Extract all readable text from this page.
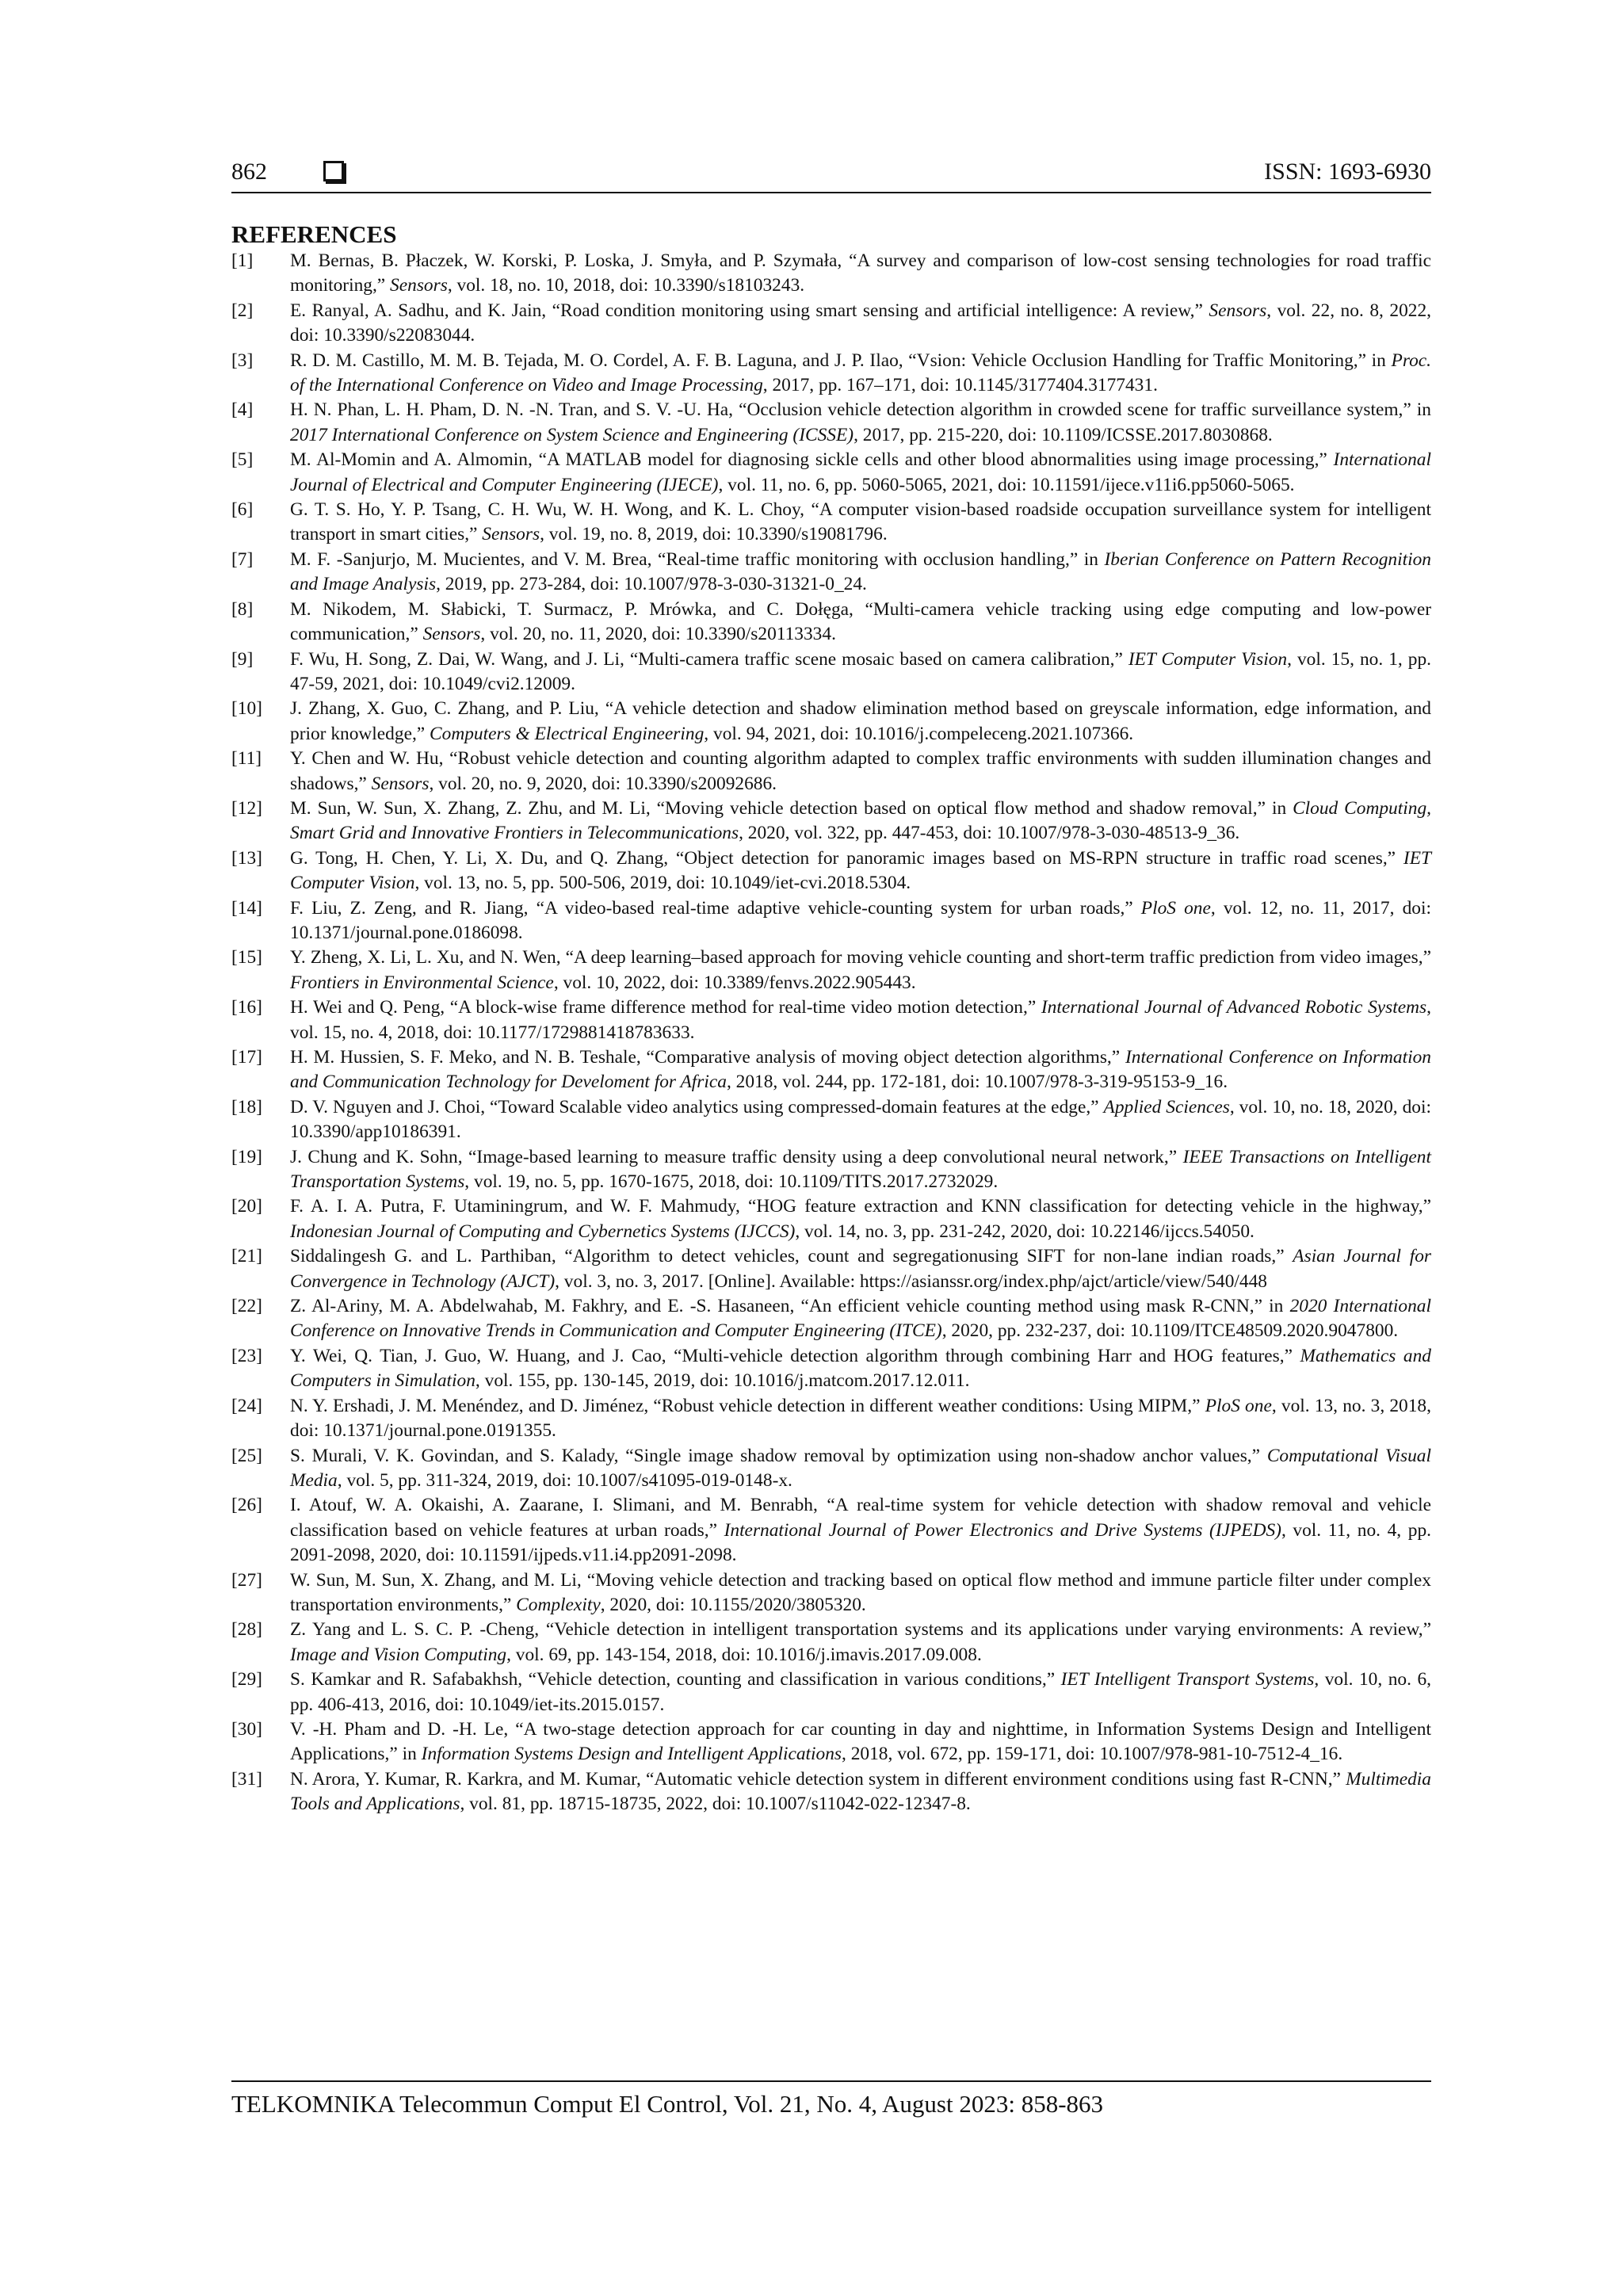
862	ISSN: 1693-6930
REFERENCES
[1] M. Bernas, B. Płaczek, W. Korski, P. Loska, J. Smyła, and P. Szymała, “A survey and comparison of low-cost sensing technologies for road traffic monitoring,” Sensors, vol. 18, no. 10, 2018, doi: 10.3390/s18103243.
[2] E. Ranyal, A. Sadhu, and K. Jain, “Road condition monitoring using smart sensing and artificial intelligence: A review,” Sensors, vol. 22, no. 8, 2022, doi: 10.3390/s22083044.
[3] R. D. M. Castillo, M. M. B. Tejada, M. O. Cordel, A. F. B. Laguna, and J. P. Ilao, “Vsion: Vehicle Occlusion Handling for Traffic Monitoring,” in Proc. of the International Conference on Video and Image Processing, 2017, pp. 167–171, doi: 10.1145/3177404.3177431.
[4] H. N. Phan, L. H. Pham, D. N. -N. Tran, and S. V. -U. Ha, “Occlusion vehicle detection algorithm in crowded scene for traffic surveillance system,” in 2017 International Conference on System Science and Engineering (ICSSE), 2017, pp. 215-220, doi: 10.1109/ICSSE.2017.8030868.
[5] M. Al-Momin and A. Almomin, “A MATLAB model for diagnosing sickle cells and other blood abnormalities using image processing,” International Journal of Electrical and Computer Engineering (IJECE), vol. 11, no. 6, pp. 5060-5065, 2021, doi: 10.11591/ijece.v11i6.pp5060-5065.
[6] G. T. S. Ho, Y. P. Tsang, C. H. Wu, W. H. Wong, and K. L. Choy, “A computer vision-based roadside occupation surveillance system for intelligent transport in smart cities,” Sensors, vol. 19, no. 8, 2019, doi: 10.3390/s19081796.
[7] M. F. -Sanjurjo, M. Mucientes, and V. M. Brea, “Real-time traffic monitoring with occlusion handling,” in Iberian Conference on Pattern Recognition and Image Analysis, 2019, pp. 273-284, doi: 10.1007/978-3-030-31321-0_24.
[8] M. Nikodem, M. Słabicki, T. Surmacz, P. Mrówka, and C. Dołęga, “Multi-camera vehicle tracking using edge computing and low-power communication,” Sensors, vol. 20, no. 11, 2020, doi: 10.3390/s20113334.
[9] F. Wu, H. Song, Z. Dai, W. Wang, and J. Li, “Multi-camera traffic scene mosaic based on camera calibration,” IET Computer Vision, vol. 15, no. 1, pp. 47-59, 2021, doi: 10.1049/cvi2.12009.
[10] J. Zhang, X. Guo, C. Zhang, and P. Liu, “A vehicle detection and shadow elimination method based on greyscale information, edge information, and prior knowledge,” Computers & Electrical Engineering, vol. 94, 2021, doi: 10.1016/j.compeleceng.2021.107366.
[11] Y. Chen and W. Hu, “Robust vehicle detection and counting algorithm adapted to complex traffic environments with sudden illumination changes and shadows,” Sensors, vol. 20, no. 9, 2020, doi: 10.3390/s20092686.
[12] M. Sun, W. Sun, X. Zhang, Z. Zhu, and M. Li, “Moving vehicle detection based on optical flow method and shadow removal,” in Cloud Computing, Smart Grid and Innovative Frontiers in Telecommunications, 2020, vol. 322, pp. 447-453, doi: 10.1007/978-3-030-48513-9_36.
[13] G. Tong, H. Chen, Y. Li, X. Du, and Q. Zhang, “Object detection for panoramic images based on MS-RPN structure in traffic road scenes,” IET Computer Vision, vol. 13, no. 5, pp. 500-506, 2019, doi: 10.1049/iet-cvi.2018.5304.
[14] F. Liu, Z. Zeng, and R. Jiang, “A video-based real-time adaptive vehicle-counting system for urban roads,” PloS one, vol. 12, no. 11, 2017, doi: 10.1371/journal.pone.0186098.
[15] Y. Zheng, X. Li, L. Xu, and N. Wen, “A deep learning–based approach for moving vehicle counting and short-term traffic prediction from video images,” Frontiers in Environmental Science, vol. 10, 2022, doi: 10.3389/fenvs.2022.905443.
[16] H. Wei and Q. Peng, “A block-wise frame difference method for real-time video motion detection,” International Journal of Advanced Robotic Systems, vol. 15, no. 4, 2018, doi: 10.1177/1729881418783633.
[17] H. M. Hussien, S. F. Meko, and N. B. Teshale, “Comparative analysis of moving object detection algorithms,” International Conference on Information and Communication Technology for Develoment for Africa, 2018, vol. 244, pp. 172-181, doi: 10.1007/978-3-319-95153-9_16.
[18] D. V. Nguyen and J. Choi, “Toward Scalable video analytics using compressed-domain features at the edge,” Applied Sciences, vol. 10, no. 18, 2020, doi: 10.3390/app10186391.
[19] J. Chung and K. Sohn, “Image-based learning to measure traffic density using a deep convolutional neural network,” IEEE Transactions on Intelligent Transportation Systems, vol. 19, no. 5, pp. 1670-1675, 2018, doi: 10.1109/TITS.2017.2732029.
[20] F. A. I. A. Putra, F. Utaminingrum, and W. F. Mahmudy, “HOG feature extraction and KNN classification for detecting vehicle in the highway,” Indonesian Journal of Computing and Cybernetics Systems (IJCCS), vol. 14, no. 3, pp. 231-242, 2020, doi: 10.22146/ijccs.54050.
[21] Siddalingesh G. and L. Parthiban, “Algorithm to detect vehicles, count and segregationusing SIFT for non-lane indian roads,” Asian Journal for Convergence in Technology (AJCT), vol. 3, no. 3, 2017. [Online]. Available: https://asianssr.org/index.php/ajct/article/view/540/448
[22] Z. Al-Ariny, M. A. Abdelwahab, M. Fakhry, and E. -S. Hasaneen, “An efficient vehicle counting method using mask R-CNN,” in 2020 International Conference on Innovative Trends in Communication and Computer Engineering (ITCE), 2020, pp. 232-237, doi: 10.1109/ITCE48509.2020.9047800.
[23] Y. Wei, Q. Tian, J. Guo, W. Huang, and J. Cao, “Multi-vehicle detection algorithm through combining Harr and HOG features,” Mathematics and Computers in Simulation, vol. 155, pp. 130-145, 2019, doi: 10.1016/j.matcom.2017.12.011.
[24] N. Y. Ershadi, J. M. Menéndez, and D. Jiménez, “Robust vehicle detection in different weather conditions: Using MIPM,” PloS one, vol. 13, no. 3, 2018, doi: 10.1371/journal.pone.0191355.
[25] S. Murali, V. K. Govindan, and S. Kalady, “Single image shadow removal by optimization using non-shadow anchor values,” Computational Visual Media, vol. 5, pp. 311-324, 2019, doi: 10.1007/s41095-019-0148-x.
[26] I. Atouf, W. A. Okaishi, A. Zaarane, I. Slimani, and M. Benrabh, “A real-time system for vehicle detection with shadow removal and vehicle classification based on vehicle features at urban roads,” International Journal of Power Electronics and Drive Systems (IJPEDS), vol. 11, no. 4, pp. 2091-2098, 2020, doi: 10.11591/ijpeds.v11.i4.pp2091-2098.
[27] W. Sun, M. Sun, X. Zhang, and M. Li, “Moving vehicle detection and tracking based on optical flow method and immune particle filter under complex transportation environments,” Complexity, 2020, doi: 10.1155/2020/3805320.
[28] Z. Yang and L. S. C. P. -Cheng, “Vehicle detection in intelligent transportation systems and its applications under varying environments: A review,” Image and Vision Computing, vol. 69, pp. 143-154, 2018, doi: 10.1016/j.imavis.2017.09.008.
[29] S. Kamkar and R. Safabakhsh, “Vehicle detection, counting and classification in various conditions,” IET Intelligent Transport Systems, vol. 10, no. 6, pp. 406-413, 2016, doi: 10.1049/iet-its.2015.0157.
[30] V. -H. Pham and D. -H. Le, “A two-stage detection approach for car counting in day and nighttime, in Information Systems Design and Intelligent Applications,” in Information Systems Design and Intelligent Applications, 2018, vol. 672, pp. 159-171, doi: 10.1007/978-981-10-7512-4_16.
[31] N. Arora, Y. Kumar, R. Karkra, and M. Kumar, “Automatic vehicle detection system in different environment conditions using fast R-CNN,” Multimedia Tools and Applications, vol. 81, pp. 18715-18735, 2022, doi: 10.1007/s11042-022-12347-8.
TELKOMNIKA Telecommun Comput El Control, Vol. 21, No. 4, August 2023: 858-863
